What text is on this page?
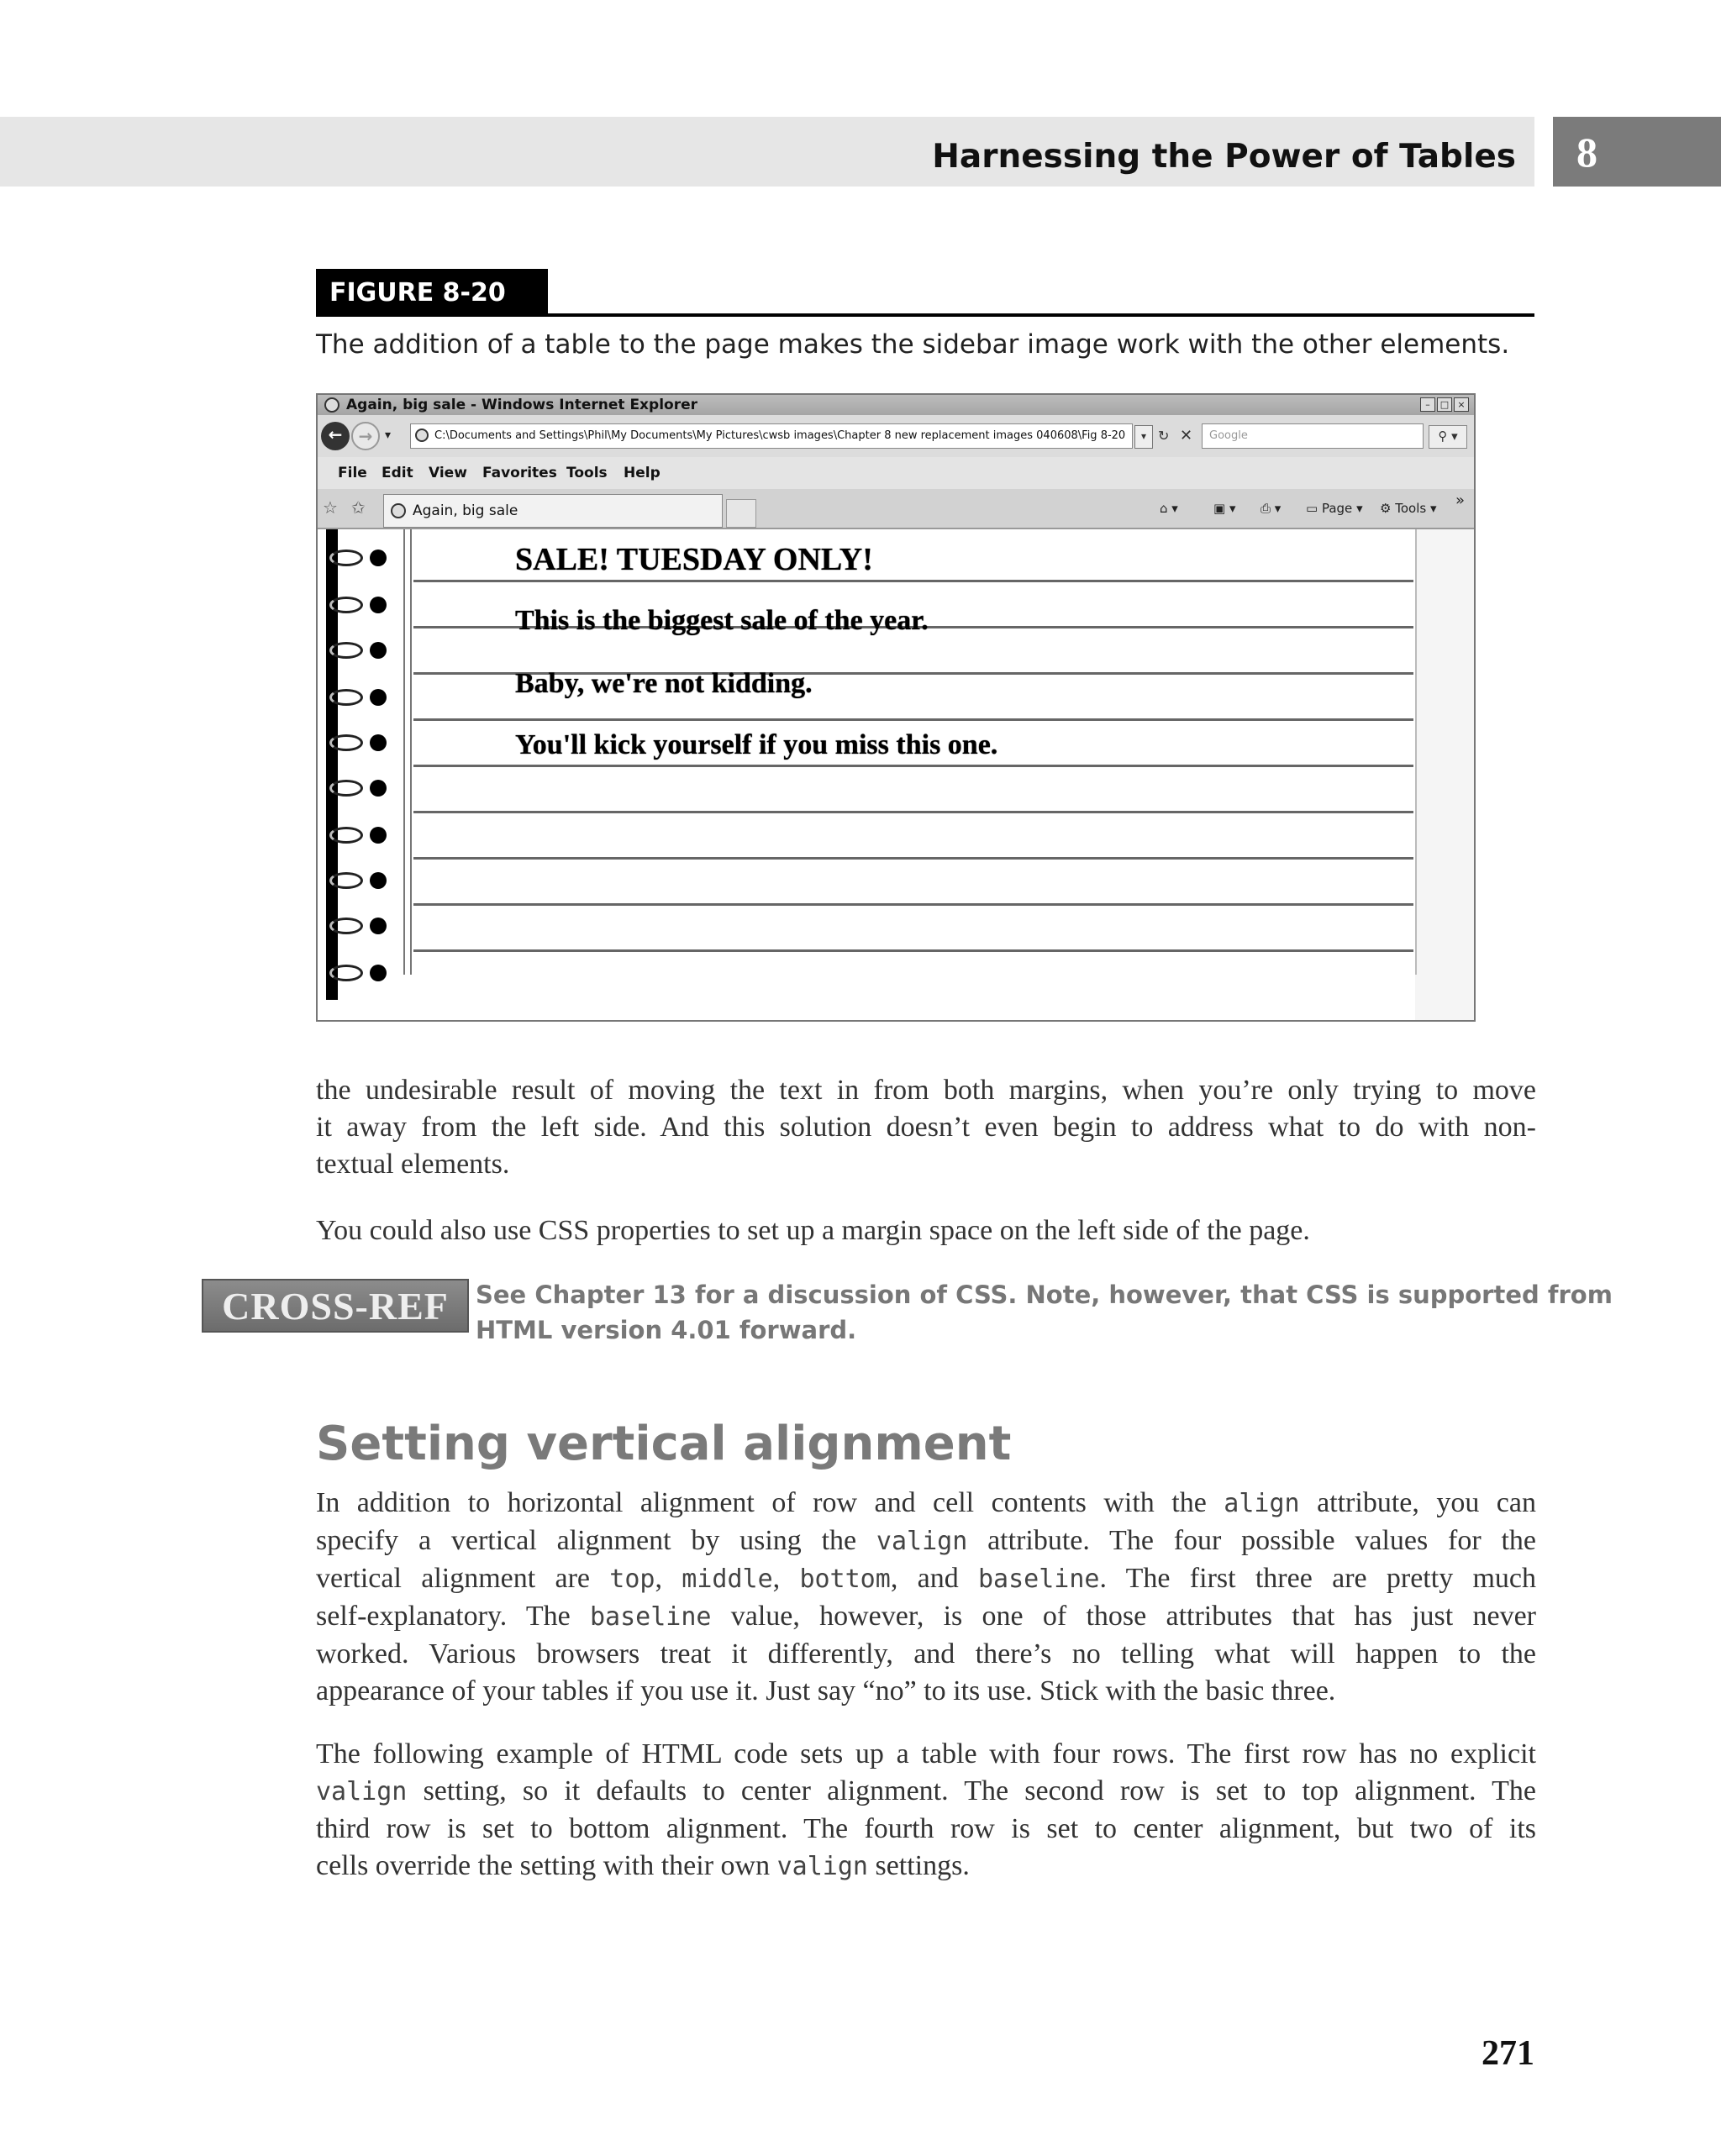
Harnessing the Power of Tables	8
FIGURE 8-20
The addition of a table to the page makes the sidebar image work with the other elements.
Again, big sale - Windows Internet Explorer	–	□ ×
← →	▾	C:\Documents and Settings\Phil\My Documents\My Pictures\cwsb images\Chapter 8 new replacement images 040608\Fig 8-20	▾ ↻ ✕	Google	⚲ ▾
File Edit View Favorites Tools Help
☆ ✩	Again, big sale	⌂ ▾	▣ ▾ ⎙ ▾ ▭ Page ▾ ⚙ Tools ▾ »
SALE! TUESDAY ONLY!
This is the biggest sale of the year.
Baby, we're not kidding.
You'll kick yourself if you miss this one.
the undesirable result of moving the text in from both margins, when you’re only trying to move
it away from the left side. And this solution doesn’t even begin to address what to do with non-
textual elements.
You could also use CSS properties to set up a margin space on the left side of the page.
CROSS-REF	See Chapter 13 for a discussion of CSS. Note, however, that CSS is supported from
HTML version 4.01 forward.
Setting vertical alignment
In addition to horizontal alignment of row and cell contents with the align attribute, you can
specify a vertical alignment by using the valign attribute. The four possible values for the
vertical alignment are top, middle, bottom, and baseline. The first three are pretty much
self-explanatory. The baseline value, however, is one of those attributes that has just never
worked. Various browsers treat it differently, and there’s no telling what will happen to the
appearance of your tables if you use it. Just say “no” to its use. Stick with the basic three.
The following example of HTML code sets up a table with four rows. The first row has no explicit
valign setting, so it defaults to center alignment. The second row is set to top alignment. The
third row is set to bottom alignment. The fourth row is set to center alignment, but two of its
cells override the setting with their own valign settings.
271
